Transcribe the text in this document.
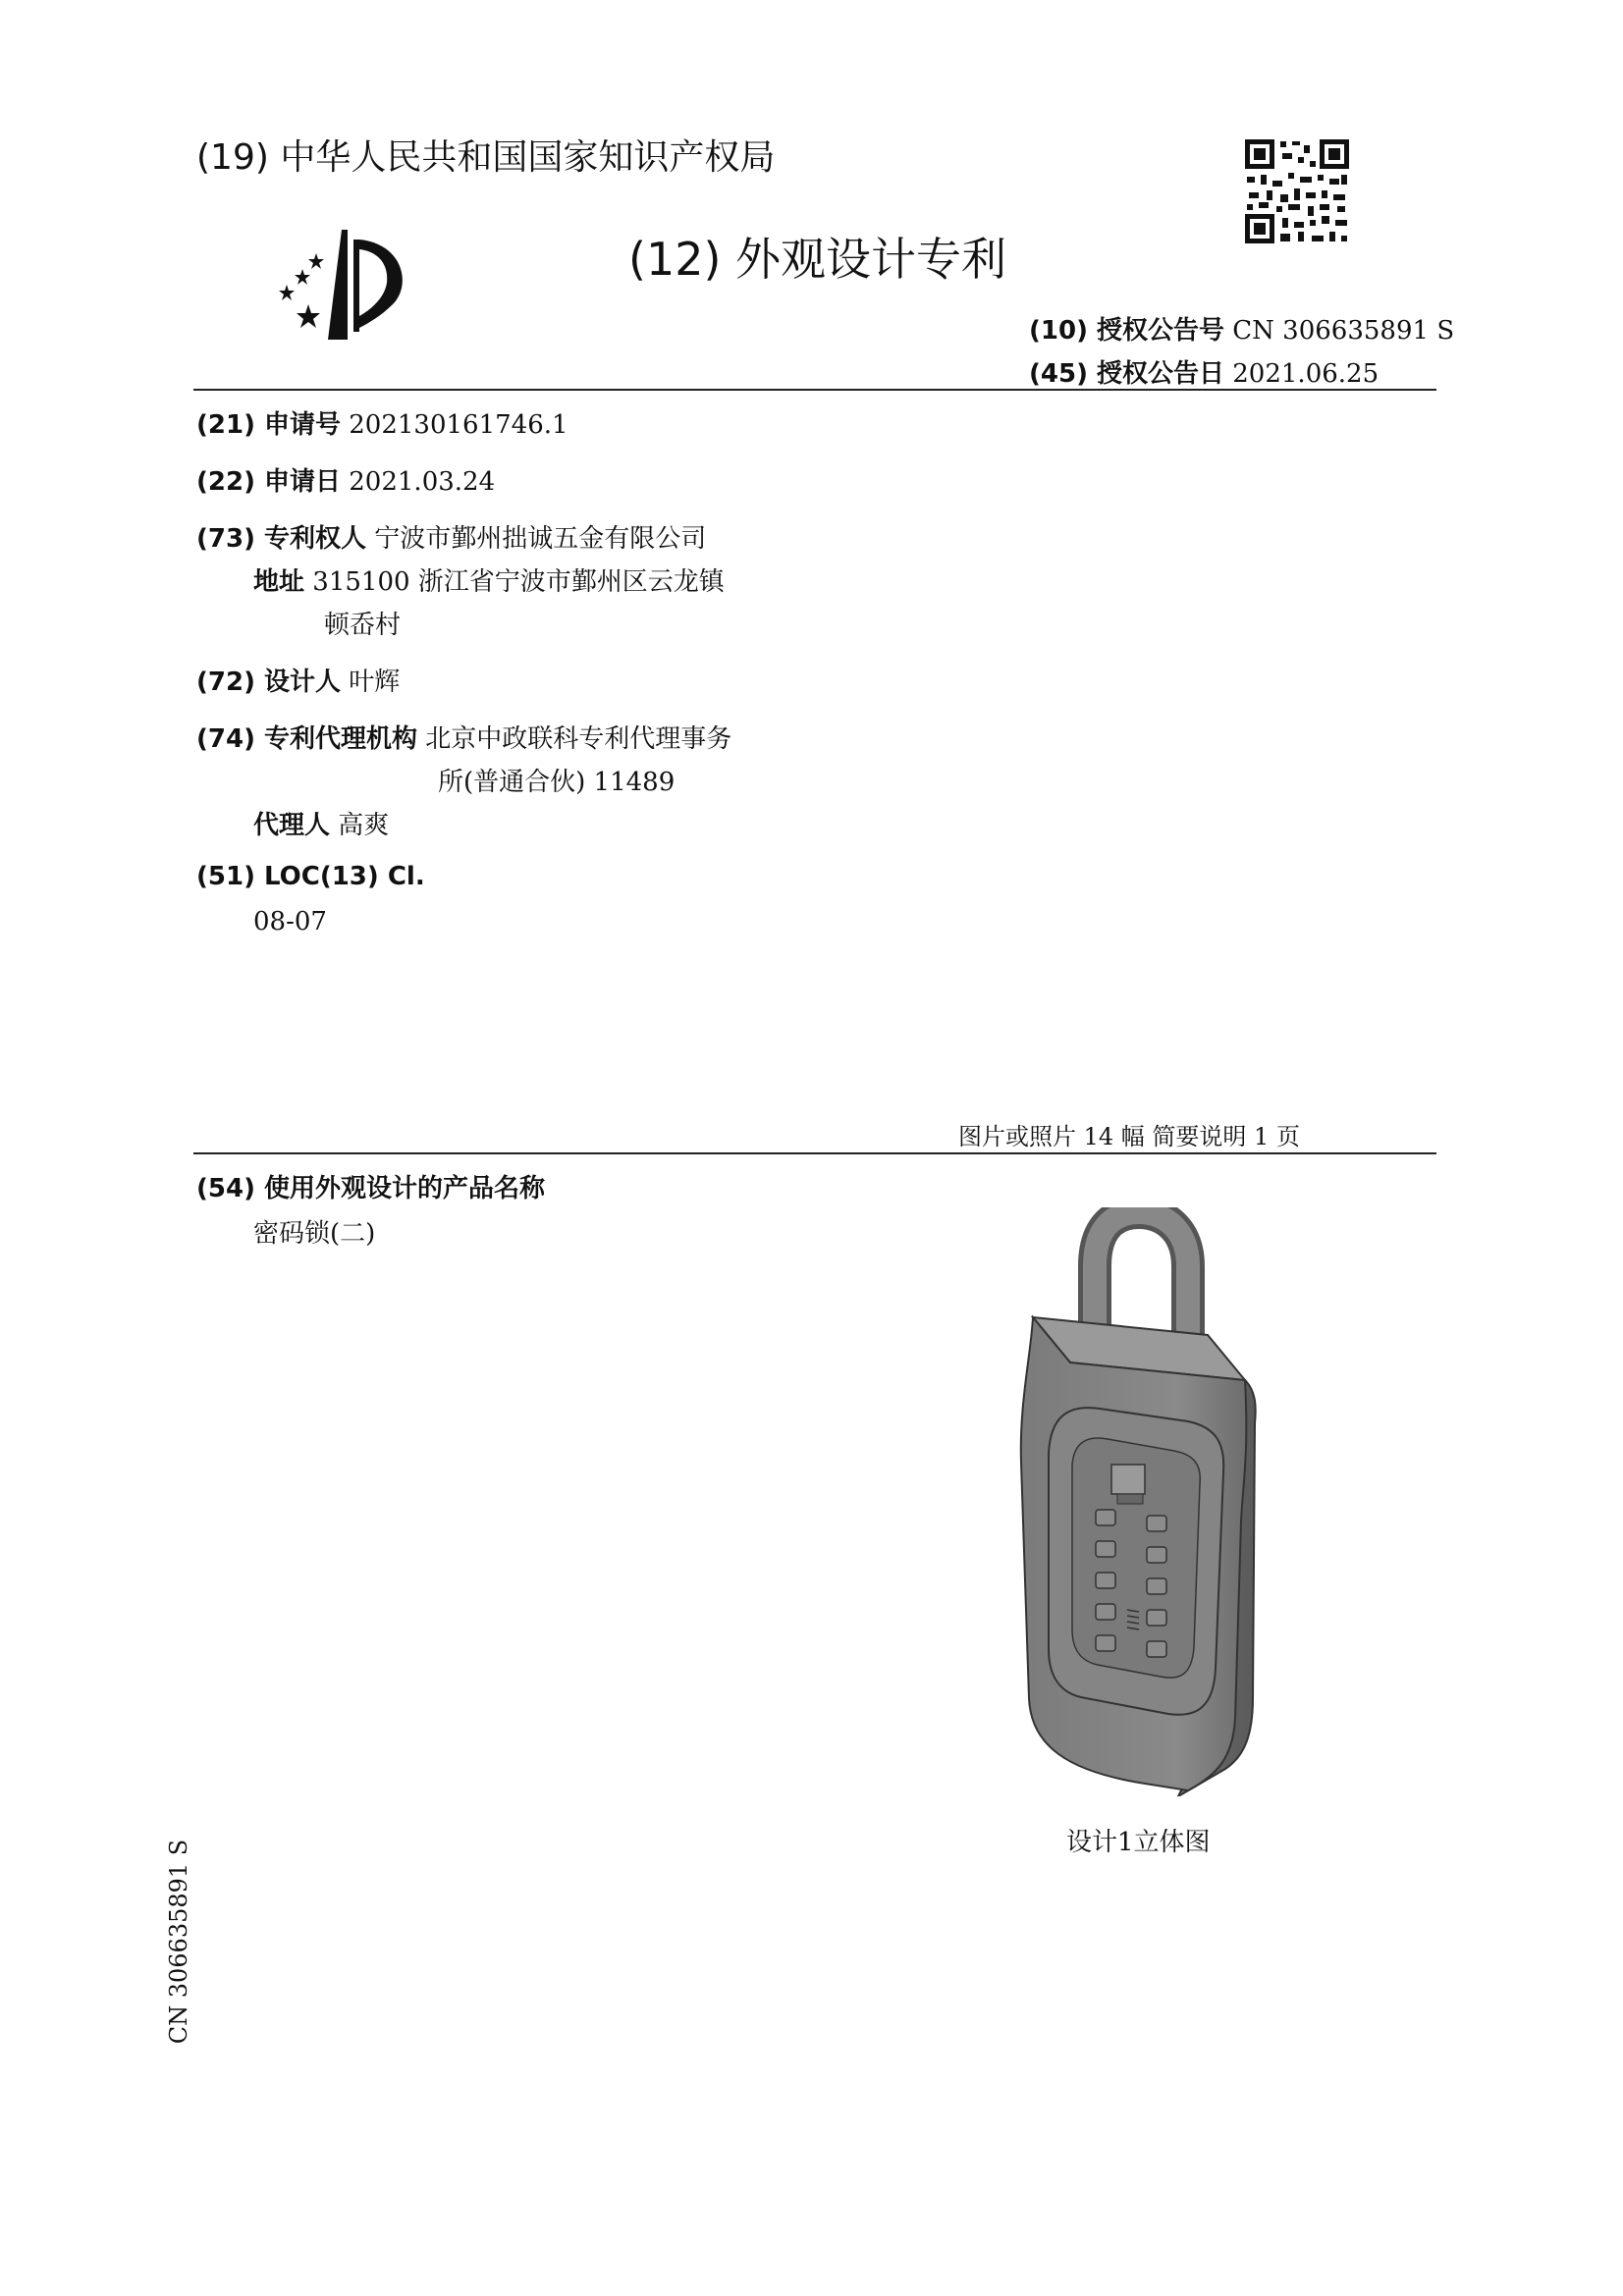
(19) 中华人民共和国国家知识产权局
(12) 外观设计专利
(10) 授权公告号 CN 306635891 S
(45) 授权公告日 2021.06.25
(21) 申请号 202130161746.1
(22) 申请日 2021.03.24
(73) 专利权人 宁波市鄞州拙诚五金有限公司
地址 315100 浙江省宁波市鄞州区云龙镇
顿岙村
(72) 设计人 叶辉
(74) 专利代理机构 北京中政联科专利代理事务
所(普通合伙) 11489
代理人 高爽
(51) LOC(13) Cl.
08-07
图片或照片 14 幅 简要说明 1 页
(54) 使用外观设计的产品名称
密码锁(二)
设计1立体图
CN 306635891 S
